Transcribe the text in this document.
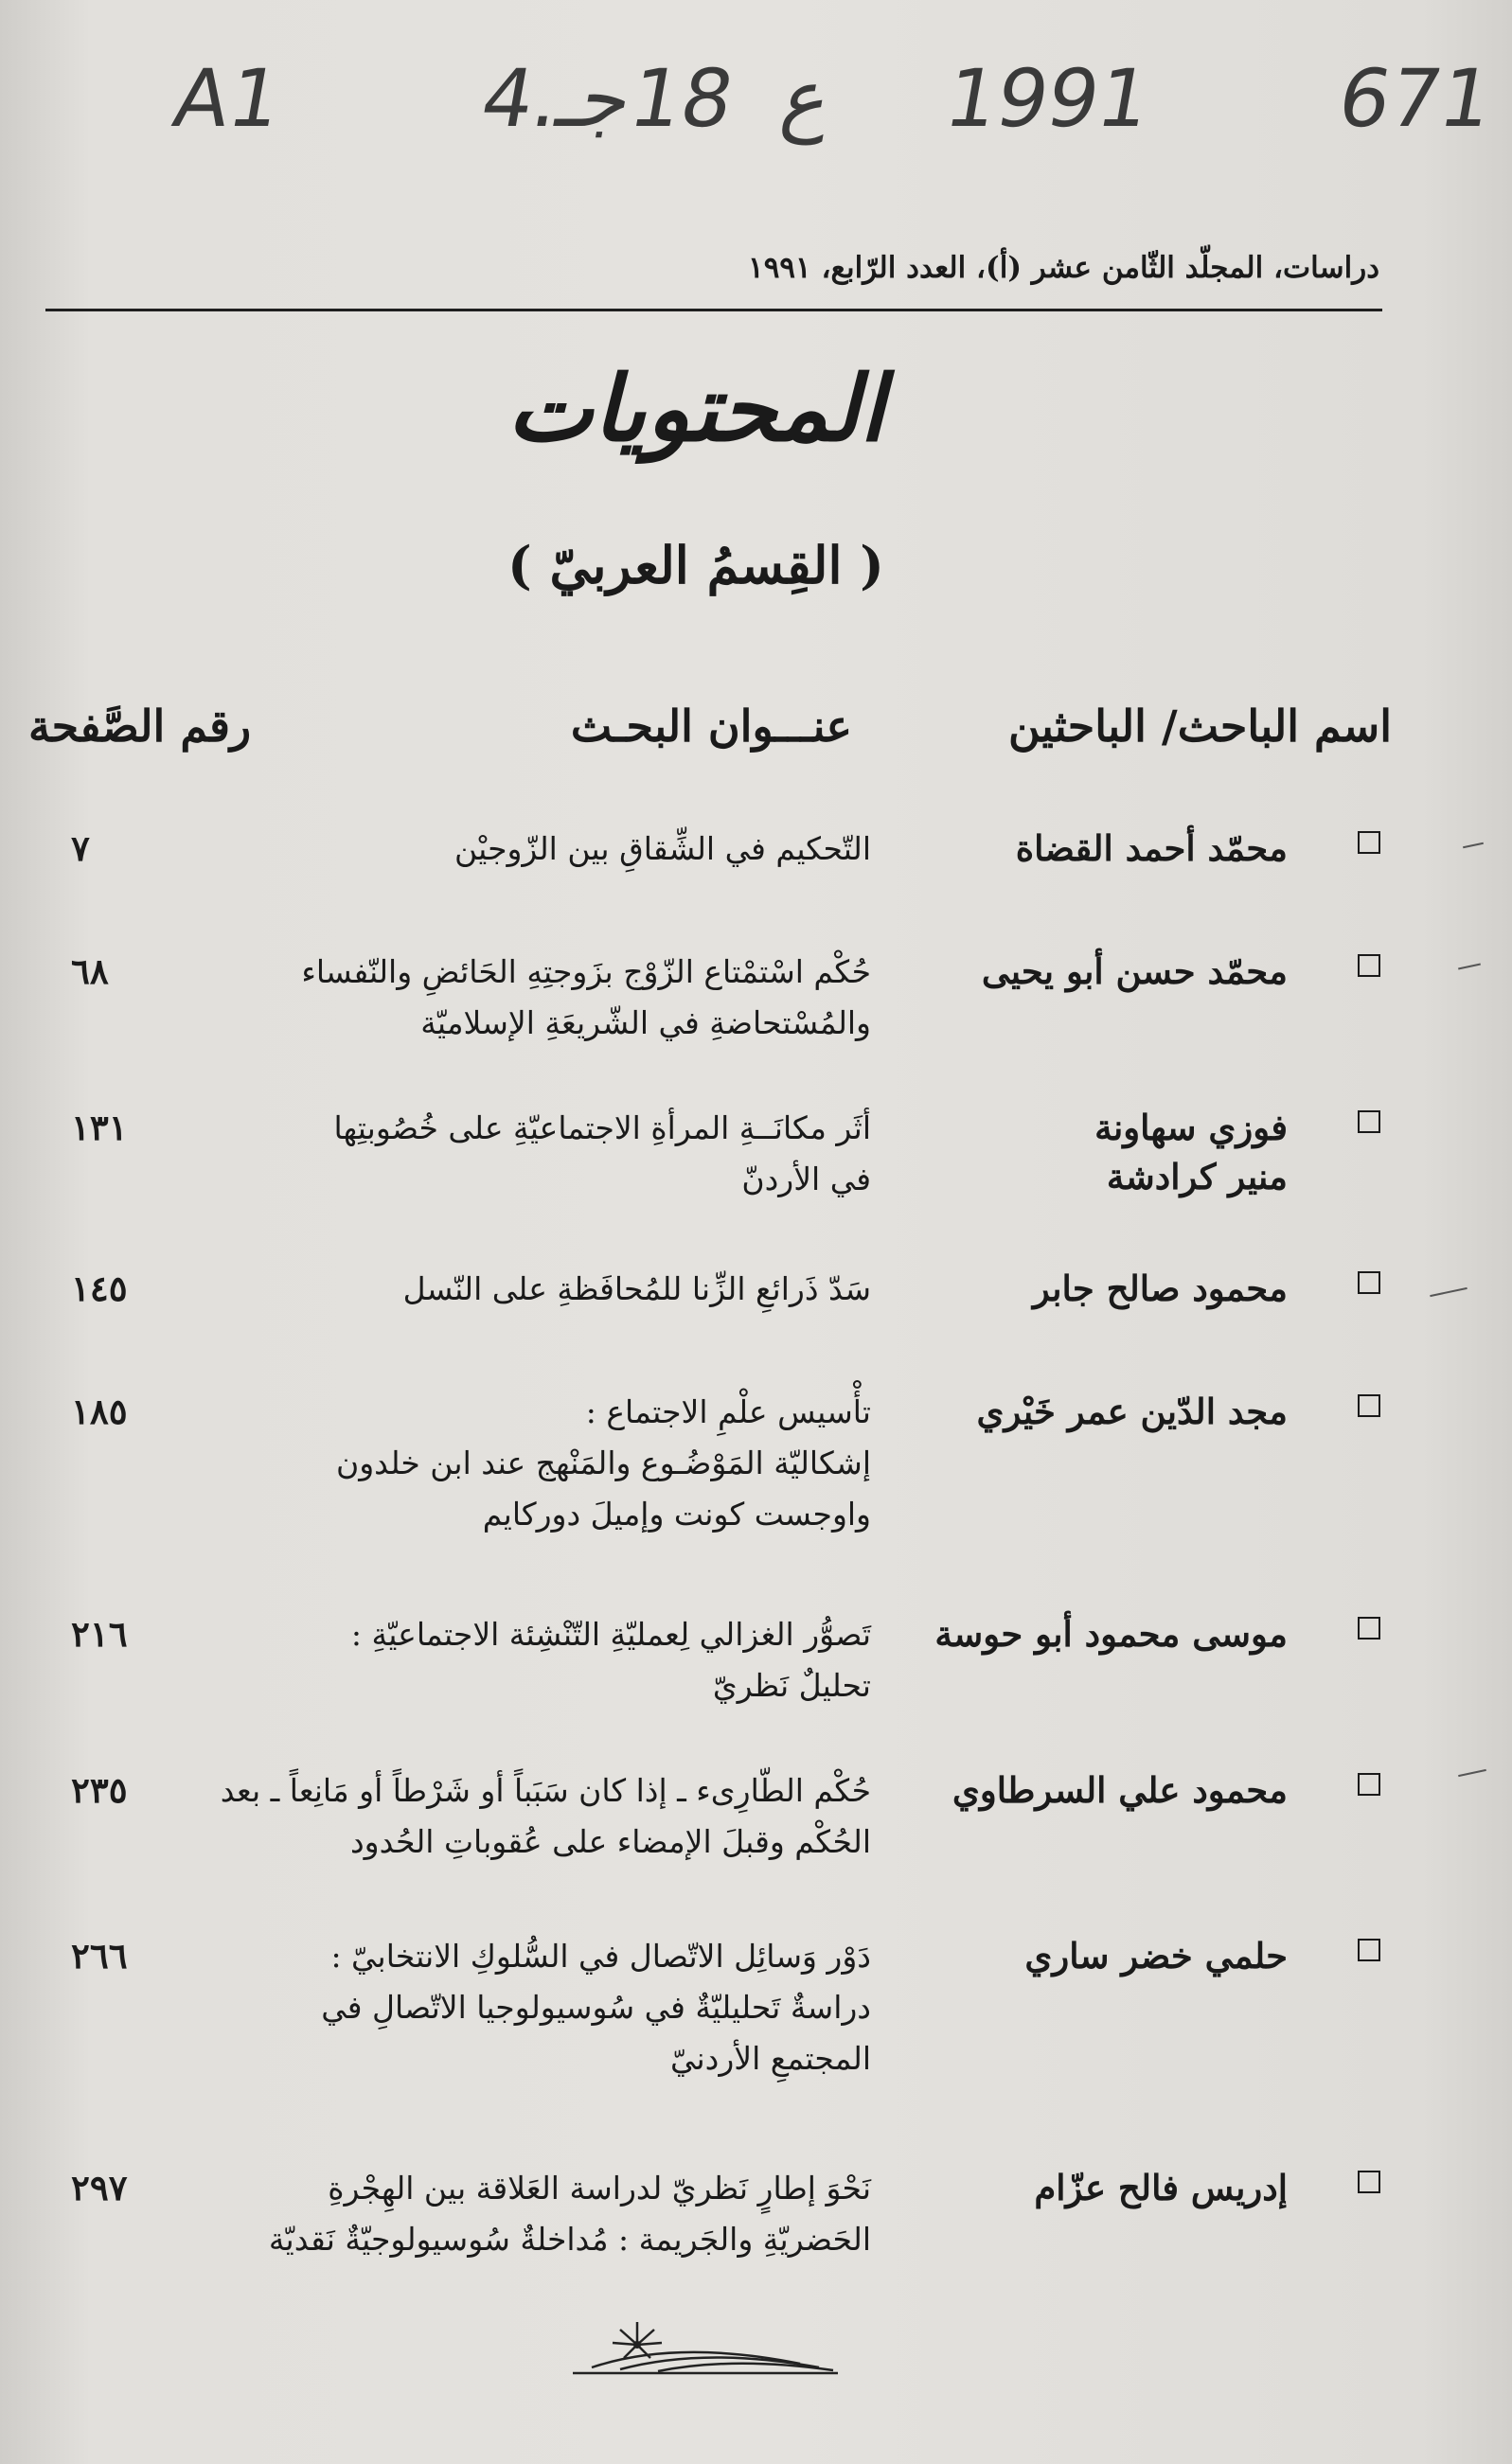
A1 4.ع  18جـ	1991 671
دراسات، المجلّد الثّامن عشر (أ)، العدد الرّابع، ١٩٩١
المحتويات
( القِسمُ العربيّ )
اسم الباحث/ الباحثين
عنـــوان البحـث
رقم الصَّفحة
محمّد أحمد القضاة
التّحكيم في الشِّقاقِ بين الزّوجيْن
٧
محمّد حسن أبو يحيى
حُكْم اسْتمْتاع الزّوْج بزَوجتِهِ الحَائضِ والنّفساء
والمُسْتحاضةِ في الشّريعَةِ الإسلاميّة
٦٨
فوزي سهاونة
منير كرادشة
أثَر مكانَــةِ المرأةِ الاجتماعيّةِ على خُصُوبتِها
في الأردنّ
١٣١
محمود صالح جابر
سَدّ ذَرائعِ الزِّنا للمُحافَظةِ على النّسل
١٤٥
مجد الدّين عمر خَيْري
تأْسيس علْمِ الاجتماع :
إشكاليّة المَوْضُـوع والمَنْهج عند ابن خلدون
واوجست كونت وإميلَ دوركايم
١٨٥
موسى محمود أبو حوسة
تَصوُّر الغزالي لِعمليّةِ التّنْشِئة الاجتماعيّةِ :
تحليلٌ نَظريّ
٢١٦
محمود علي السرطاوي
حُكْم الطّارِىء ـ إذا كان سَبَباً أو شَرْطاً أو مَانِعاً ـ بعد
الحُكْم وقبلَ الإمضاء على عُقوباتِ الحُدود
٢٣٥
حلمي خضر ساري
دَوْر وَسائِل الاتّصال في السُّلوكِ الانتخابيّ :
دراسةٌ تَحليليّةٌ في سُوسيولوجيا الاتّصالِ في
المجتمعِ الأردنيّ
٢٦٦
إدريس فالح عزّام
نَحْوَ إطارٍ نَظريّ لدراسة العَلاقة بين الهِجْرةِ
الحَضريّةِ والجَريمة : مُداخلةٌ سُوسيولوجيّةٌ نَقديّة
٢٩٧
